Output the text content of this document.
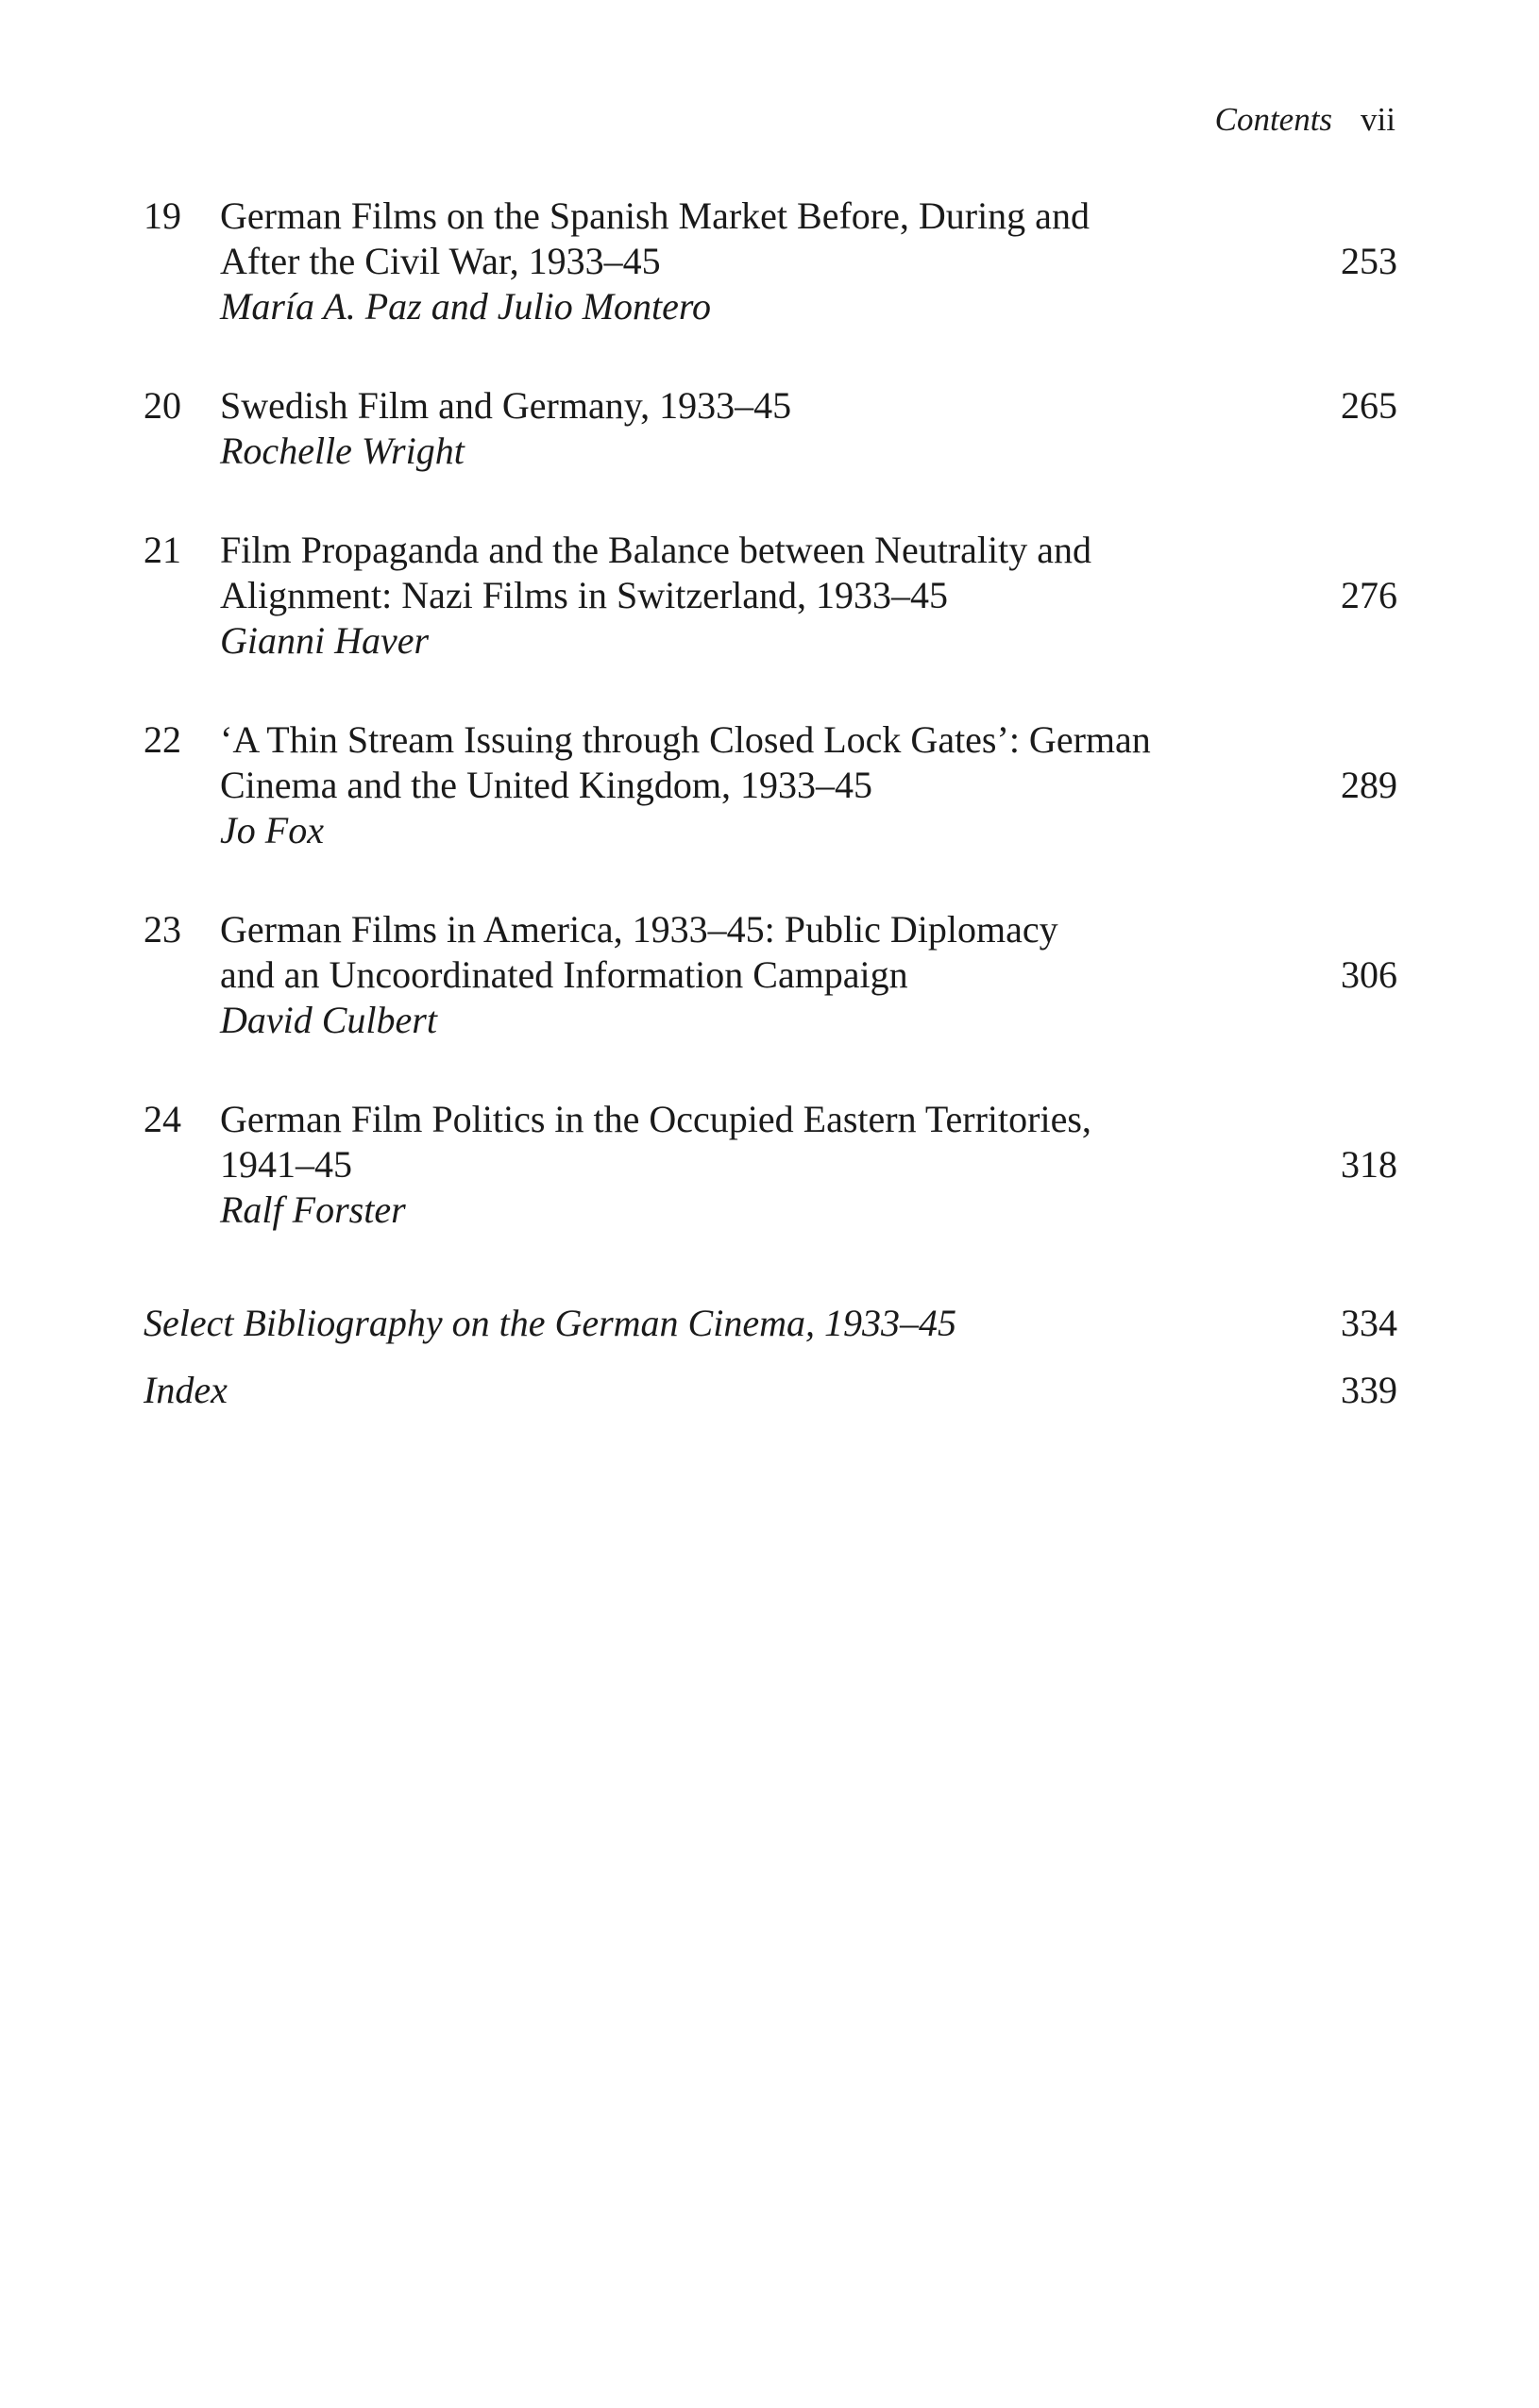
Contents vii
19 German Films on the Spanish Market Before, During and
After the Civil War, 1933–45
María A. Paz and Julio Montero
253
20 Swedish Film and Germany, 1933–45
Rochelle Wright
265
21 Film Propaganda and the Balance between Neutrality and
Alignment: Nazi Films in Switzerland, 1933–45
Gianni Haver
276
22 ‘A Thin Stream Issuing through Closed Lock Gates’: German
Cinema and the United Kingdom, 1933–45
Jo Fox
289
23 German Films in America, 1933–45: Public Diplomacy
and an Uncoordinated Information Campaign
David Culbert
306
24 German Film Politics in the Occupied Eastern Territories,
1941–45
Ralf Forster
318
Select Bibliography on the German Cinema, 1933–45	334
Index	339
